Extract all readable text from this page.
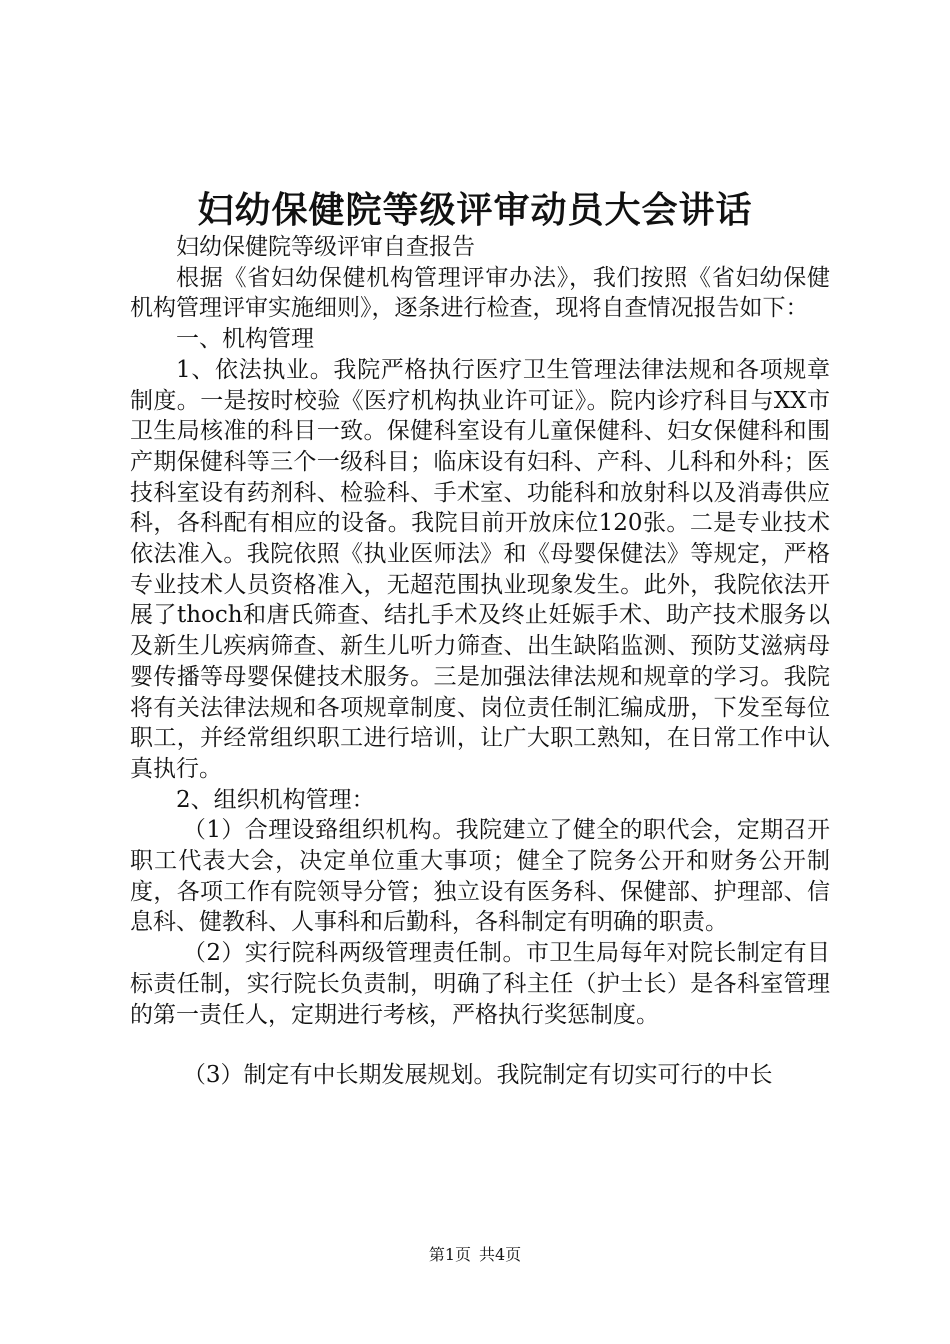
妇幼保健院等级评审动员大会讲话

妇幼保健院等级评审自查报告

根据《省妇幼保健机构管理评审办法》，我们按照《省妇幼保健机构管理评审实施细则》，逐条进行检查，现将自查情况报告如下：

一、机构管理

1、依法执业。我院严格执行医疗卫生管理法律法规和各项规章制度。一是按时校验《医疗机构执业许可证》。院内诊疗科目与XX市卫生局核准的科目一致。保健科室设有儿童保健科、妇女保健科和围产期保健科等三个一级科目；临床设有妇科、产科、儿科和外科；医技科室设有药剂科、检验科、手术室、功能科和放射科以及消毒供应科，各科配有相应的设备。我院目前开放床位120张。二是专业技术依法准入。我院依照《执业医师法》和《母婴保健法》等规定，严格专业技术人员资格准入，无超范围执业现象发生。此外，我院依法开展了thoch和唐氏筛查、结扎手术及终止妊娠手术、助产技术服务以及新生儿疾病筛查、新生儿听力筛查、出生缺陷监测、预防艾滋病母婴传播等母婴保健技术服务。三是加强法律法规和规章的学习。我院将有关法律法规和各项规章制度、岗位责任制汇编成册，下发至每位职工，并经常组织职工进行培训，让广大职工熟知，在日常工作中认真执行。

2、组织机构管理：

（1）合理设臵组织机构。我院建立了健全的职代会，定期召开职工代表大会，决定单位重大事项；健全了院务公开和财务公开制度，各项工作有院领导分管；独立设有医务科、保健部、护理部、信息科、健教科、人事科和后勤科，各科制定有明确的职责。

（2）实行院科两级管理责任制。市卫生局每年对院长制定有目标责任制，实行院长负责制，明确了科主任（护士长）是各科室管理的第一责任人，定期进行考核，严格执行奖惩制度。

（3）制定有中长期发展规划。我院制定有切实可行的中长

第1页 共4页
